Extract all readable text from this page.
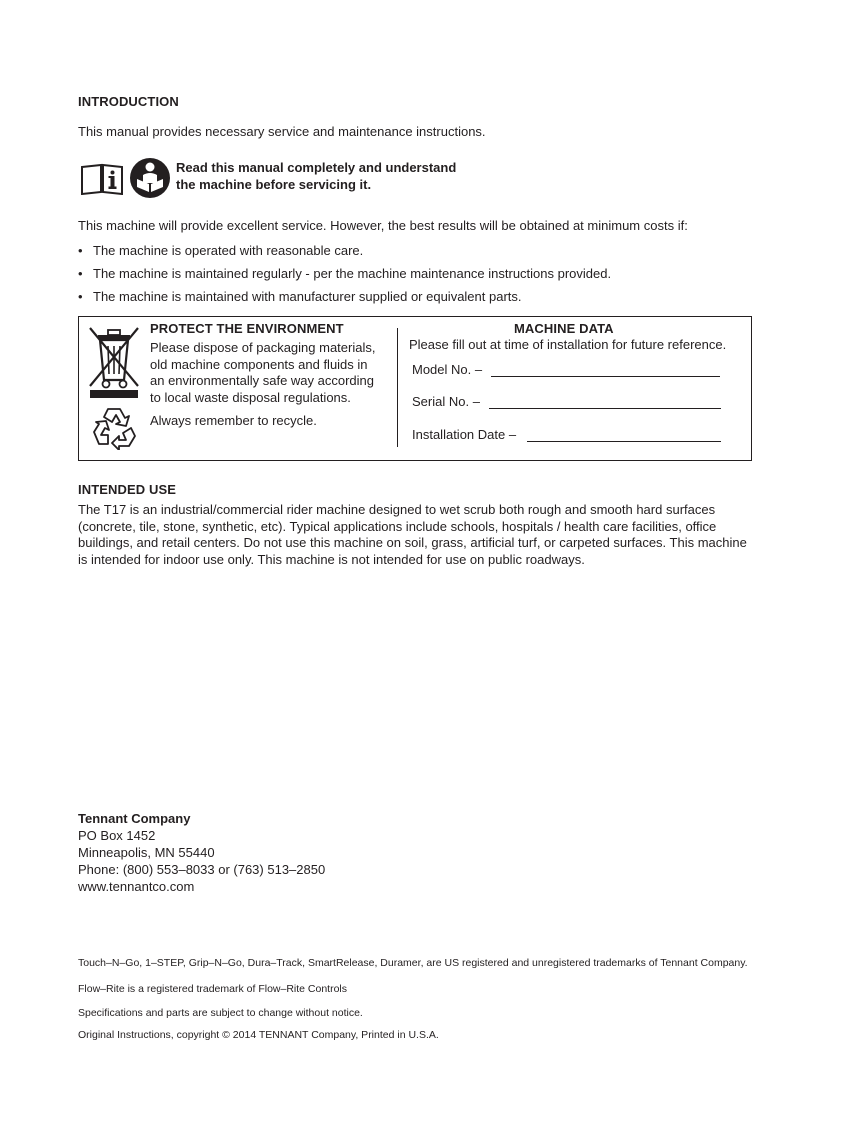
INTRODUCTION
This manual provides necessary service and maintenance instructions.
Read this manual completely and understand
the machine before servicing it.
This machine will provide excellent service. However, the best results will be obtained at minimum costs if:
• The machine is operated with reasonable care.
• The machine is maintained regularly - per the machine maintenance instructions provided.
• The machine is maintained with manufacturer supplied or equivalent parts.
PROTECT THE ENVIRONMENT
Please dispose of packaging materials,
old machine components and fluids in
an environmentally safe way according
to local waste disposal regulations.
Always remember to recycle.
MACHINE DATA
Please fill out at time of installation for future reference.
Model No. –
Serial No. –
Installation Date –
INTENDED USE
The T17 is an industrial/commercial rider machine designed to wet scrub both rough and smooth hard surfaces
(concrete, tile, stone, synthetic, etc). Typical applications include schools, hospitals / health care facilities, office
buildings, and retail centers. Do not use this machine on soil, grass, artificial turf, or carpeted surfaces. This machine
is intended for indoor use only. This machine is not intended for use on public roadways.
Tennant Company
PO Box 1452
Minneapolis, MN 55440
Phone: (800) 553–8033 or (763) 513–2850
www.tennantco.com
Touch–N–Go, 1–STEP, Grip–N–Go, Dura–Track, SmartRelease, Duramer, are US registered and unregistered trademarks of Tennant Company.
Flow–Rite is a registered trademark of Flow–Rite Controls
Specifications and parts are subject to change without notice.
Original Instructions, copyright © 2014 TENNANT Company, Printed in U.S.A.
